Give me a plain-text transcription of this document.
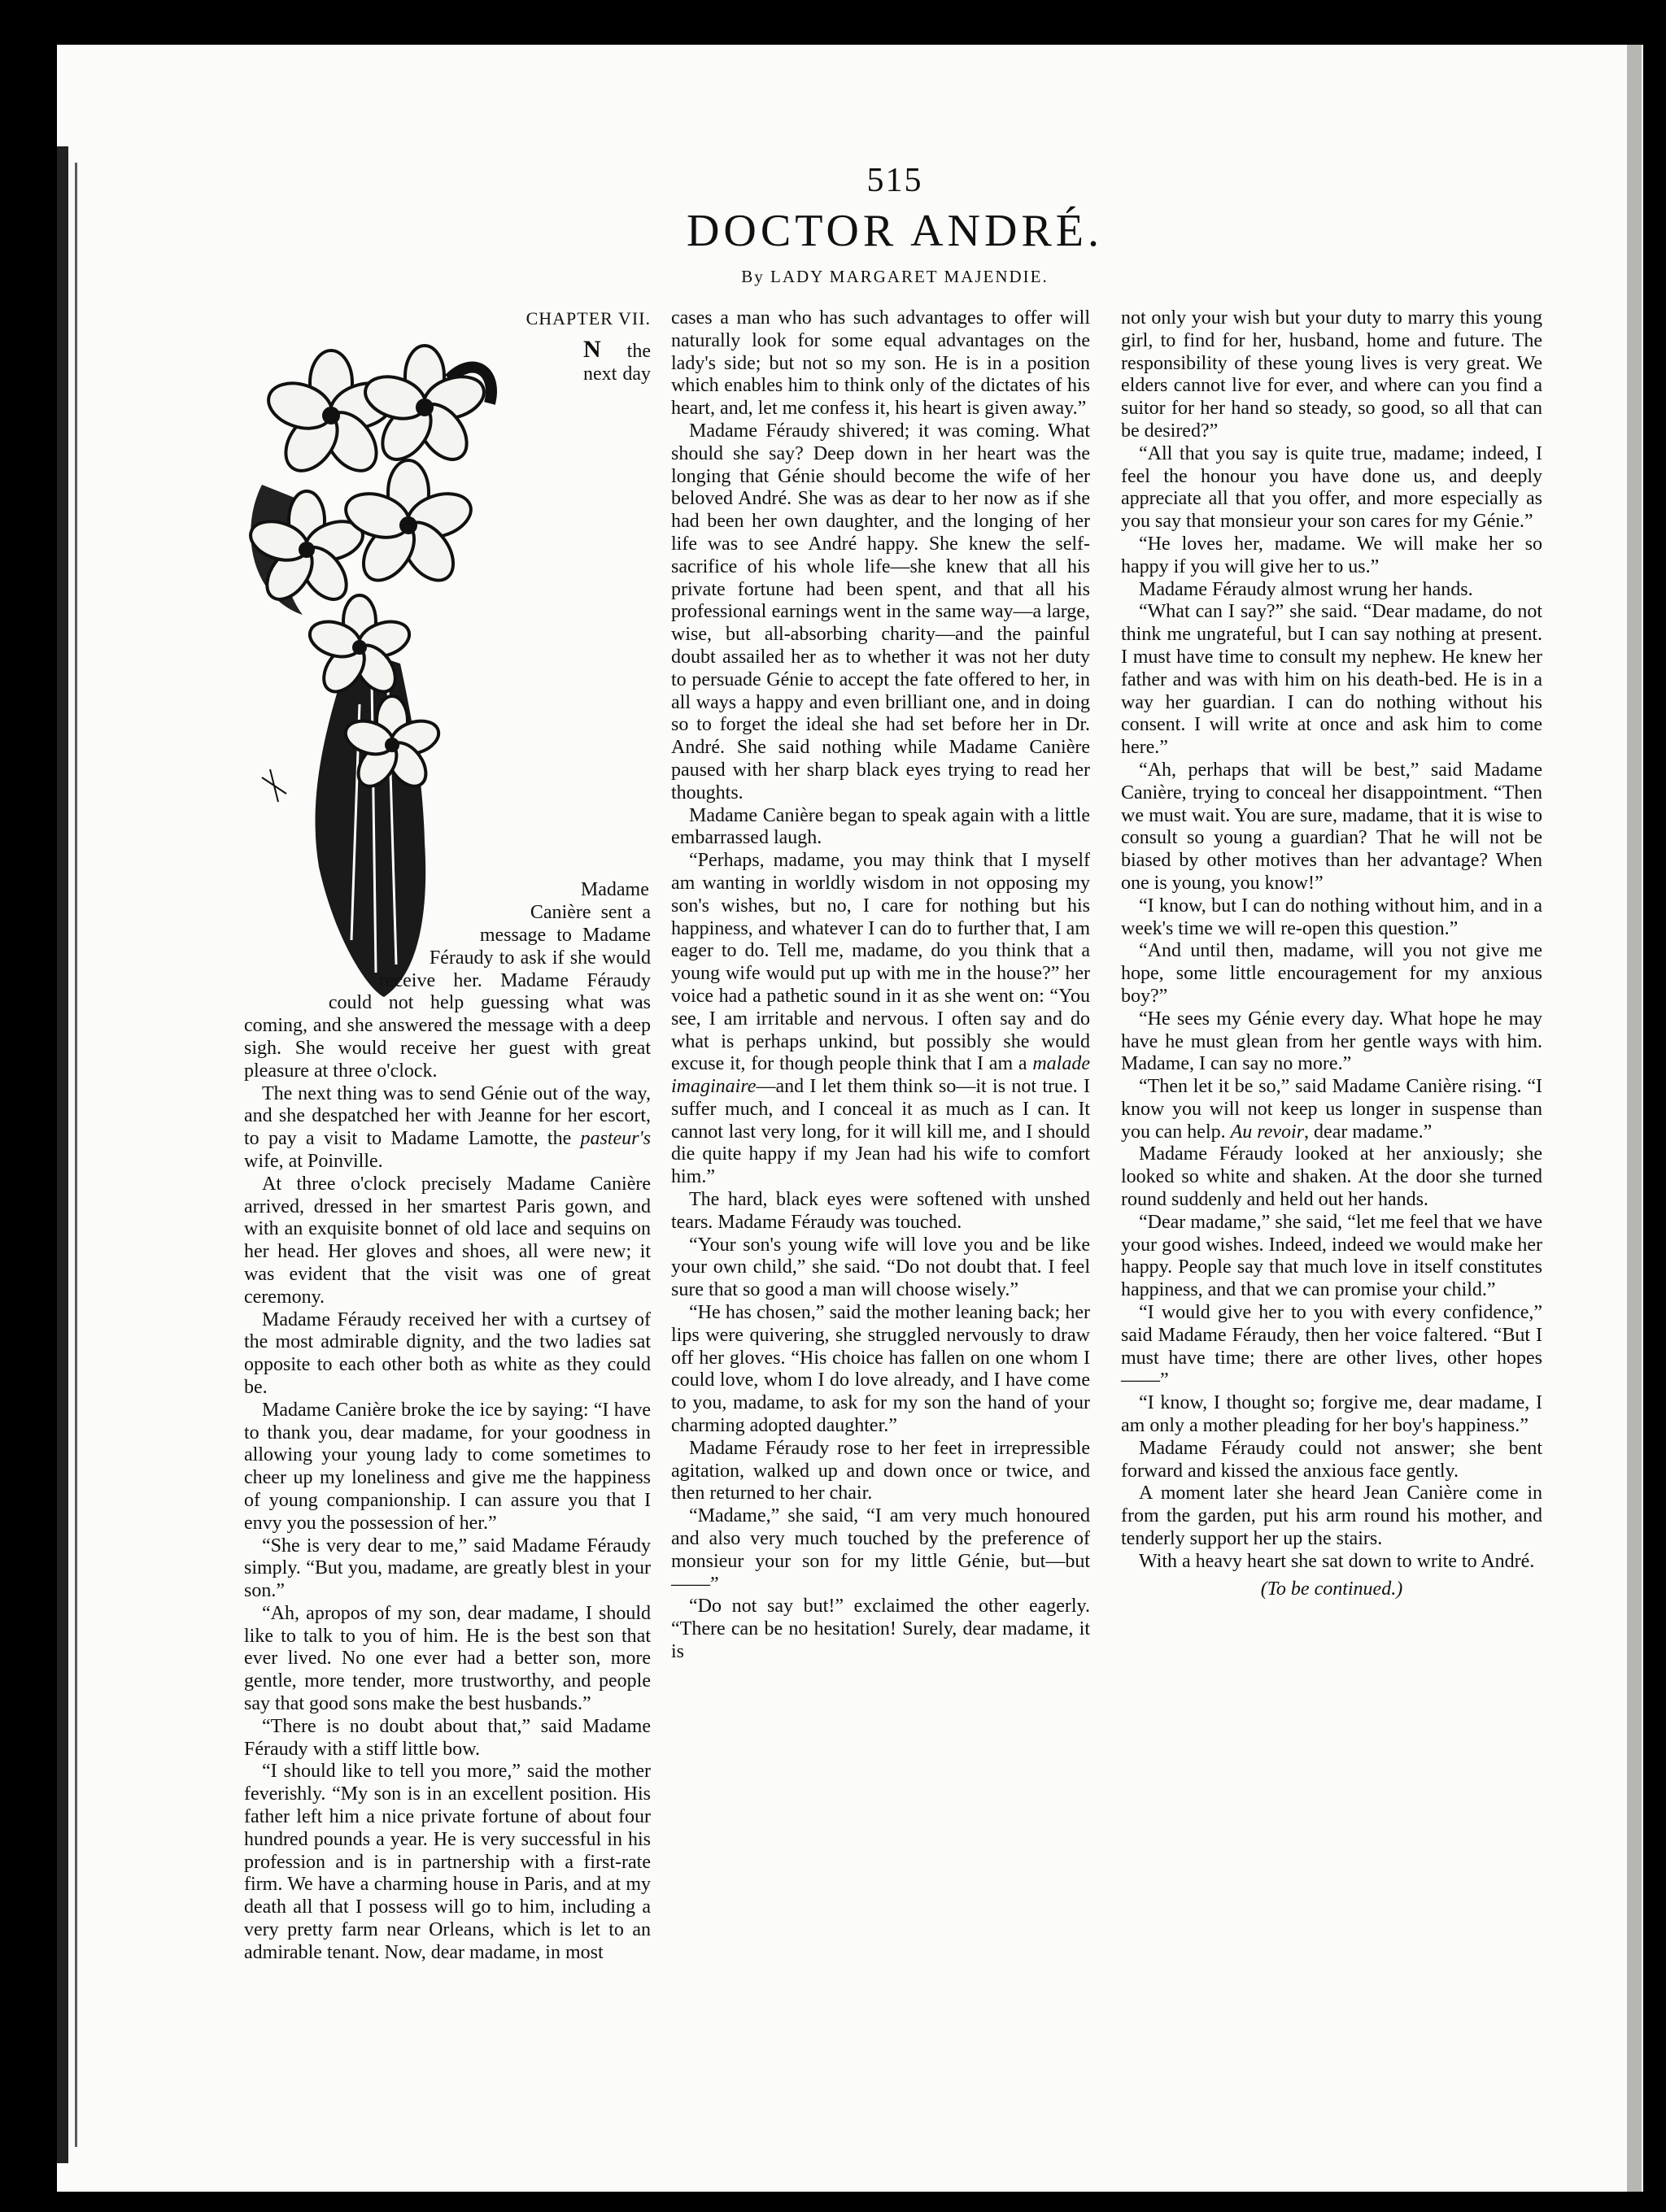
515
DOCTOR ANDRÉ.
By LADY MARGARET MAJENDIE.

CHAPTER VII.

N the next day Madame Canière sent a message to Madame Féraudy to ask if she would receive her. Madame Féraudy could not help guessing what was coming, and she answered the message with a deep sigh. She would receive her guest with great pleasure at three o'clock.

The next thing was to send Génie out of the way, and she despatched her with Jeanne for her escort, to pay a visit to Madame Lamotte, the pasteur's wife, at Poinville.

At three o'clock precisely Madame Canière arrived, dressed in her smartest Paris gown, and with an exquisite bonnet of old lace and sequins on her head. Her gloves and shoes, all were new; it was evident that the visit was one of great ceremony.

Madame Féraudy received her with a curtsey of the most admirable dignity, and the two ladies sat opposite to each other both as white as they could be.

Madame Canière broke the ice by saying: “I have to thank you, dear madame, for your goodness in allowing your young lady to come sometimes to cheer up my loneliness and give me the happiness of young companionship. I can assure you that I envy you the possession of her.”

“She is very dear to me,” said Madame Féraudy simply. “But you, madame, are greatly blest in your son.”

“Ah, apropos of my son, dear madame, I should like to talk to you of him. He is the best son that ever lived. No one ever had a better son, more gentle, more tender, more trustworthy, and people say that good sons make the best husbands.”

“There is no doubt about that,” said Madame Féraudy with a stiff little bow.

“I should like to tell you more,” said the mother feverishly. “My son is in an excellent position. His father left him a nice private fortune of about four hundred pounds a year. He is very successful in his profession and is in partnership with a first-rate firm. We have a charming house in Paris, and at my death all that I possess will go to him, including a very pretty farm near Orleans, which is let to an admirable tenant. Now, dear madame, in most

cases a man who has such advantages to offer will naturally look for some equal advantages on the lady's side; but not so my son. He is in a position which enables him to think only of the dictates of his heart, and, let me confess it, his heart is given away.”

Madame Féraudy shivered; it was coming. What should she say? Deep down in her heart was the longing that Génie should become the wife of her beloved André. She was as dear to her now as if she had been her own daughter, and the longing of her life was to see André happy. She knew the self-sacrifice of his whole life—she knew that all his private fortune had been spent, and that all his professional earnings went in the same way—a large, wise, but all-absorbing charity—and the painful doubt assailed her as to whether it was not her duty to persuade Génie to accept the fate offered to her, in all ways a happy and even brilliant one, and in doing so to forget the ideal she had set before her in Dr. André. She said nothing while Madame Canière paused with her sharp black eyes trying to read her thoughts.

Madame Canière began to speak again with a little embarrassed laugh.

“Perhaps, madame, you may think that I myself am wanting in worldly wisdom in not opposing my son's wishes, but no, I care for nothing but his happiness, and whatever I can do to further that, I am eager to do. Tell me, madame, do you think that a young wife would put up with me in the house?” her voice had a pathetic sound in it as she went on: “You see, I am irritable and nervous. I often say and do what is perhaps unkind, but possibly she would excuse it, for though people think that I am a malade imaginaire—and I let them think so—it is not true. I suffer much, and I conceal it as much as I can. It cannot last very long, for it will kill me, and I should die quite happy if my Jean had his wife to comfort him.”

The hard, black eyes were softened with unshed tears. Madame Féraudy was touched.

“Your son's young wife will love you and be like your own child,” she said. “Do not doubt that. I feel sure that so good a man will choose wisely.”

“He has chosen,” said the mother leaning back; her lips were quivering, she struggled nervously to draw off her gloves. “His choice has fallen on one whom I could love, whom I do love already, and I have come to you, madame, to ask for my son the hand of your charming adopted daughter.”

Madame Féraudy rose to her feet in irrepressible agitation, walked up and down once or twice, and then returned to her chair.

“Madame,” she said, “I am very much honoured and also very much touched by the preference of monsieur your son for my little Génie, but—but——”

“Do not say but!” exclaimed the other eagerly. “There can be no hesitation! Surely, dear madame, it is

not only your wish but your duty to marry this young girl, to find for her, husband, home and future. The responsibility of these young lives is very great. We elders cannot live for ever, and where can you find a suitor for her hand so steady, so good, so all that can be desired?”

“All that you say is quite true, madame; indeed, I feel the honour you have done us, and deeply appreciate all that you offer, and more especially as you say that monsieur your son cares for my Génie.”

“He loves her, madame. We will make her so happy if you will give her to us.”

Madame Féraudy almost wrung her hands.

“What can I say?” she said. “Dear madame, do not think me ungrateful, but I can say nothing at present. I must have time to consult my nephew. He knew her father and was with him on his death-bed. He is in a way her guardian. I can do nothing without his consent. I will write at once and ask him to come here.”

“Ah, perhaps that will be best,” said Madame Canière, trying to conceal her disappointment. “Then we must wait. You are sure, madame, that it is wise to consult so young a guardian? That he will not be biased by other motives than her advantage? When one is young, you know!”

“I know, but I can do nothing without him, and in a week's time we will re-open this question.”

“And until then, madame, will you not give me hope, some little encouragement for my anxious boy?”

“He sees my Génie every day. What hope he may have he must glean from her gentle ways with him. Madame, I can say no more.”

“Then let it be so,” said Madame Canière rising. “I know you will not keep us longer in suspense than you can help. Au revoir, dear madame.”

Madame Féraudy looked at her anxiously; she looked so white and shaken. At the door she turned round suddenly and held out her hands.

“Dear madame,” she said, “let me feel that we have your good wishes. Indeed, indeed we would make her happy. People say that much love in itself constitutes happiness, and that we can promise your child.”

“I would give her to you with every confidence,” said Madame Féraudy, then her voice faltered. “But I must have time; there are other lives, other hopes——”

“I know, I thought so; forgive me, dear madame, I am only a mother pleading for her boy's happiness.”

Madame Féraudy could not answer; she bent forward and kissed the anxious face gently.

A moment later she heard Jean Canière come in from the garden, put his arm round his mother, and tenderly support her up the stairs.

With a heavy heart she sat down to write to André.

(To be continued.)
